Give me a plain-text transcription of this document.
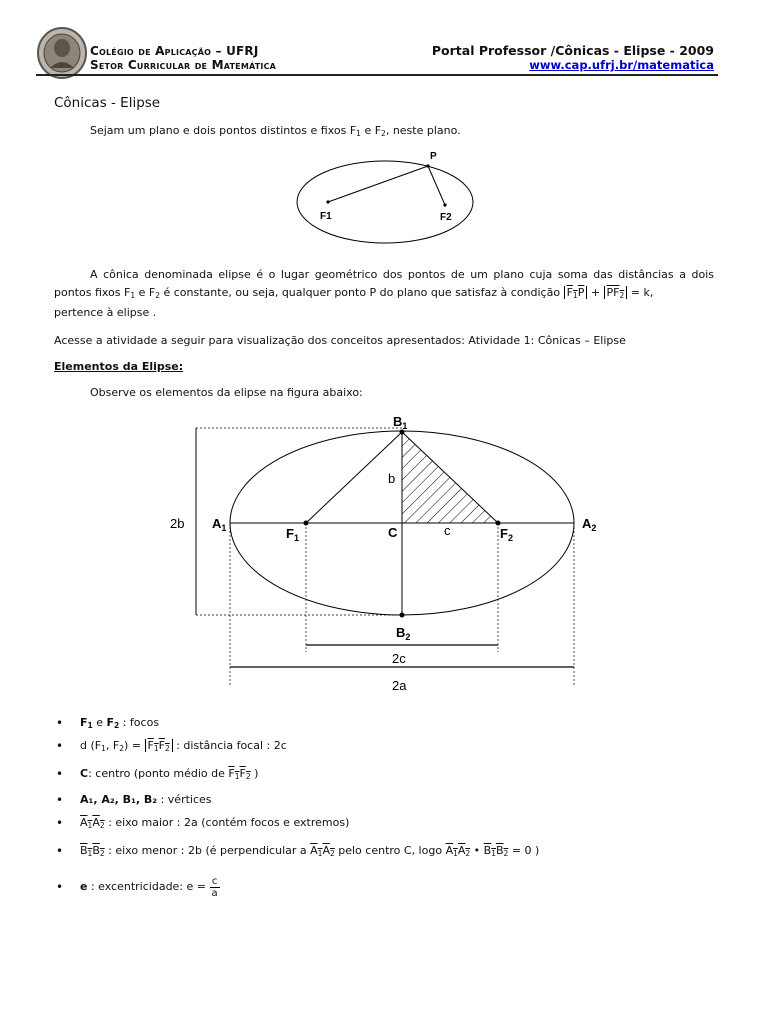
Colégio de Aplicação – UFRJ
Setor Curricular de Matemática
Portal Professor /Cônicas - Elipse - 2009
www.cap.ufrj.br/matematica
Cônicas - Elipse
Sejam um plano e dois pontos distintos e fixos $F_1$ e $F_2$, neste plano.
P
F1	F2
A cônica denominada elipse é o lugar geométrico dos pontos de um plano cuja soma das distâncias a dois pontos fixos $F_1$ e $F_2$ é constante, ou seja, qualquer ponto P do plano que satisfaz à condição $F_1P + PF_2 = k$,
pertence à elipse .
Acesse a atividade a seguir para visualização dos conceitos apresentados: Atividade 1: Cônicas – Elipse
Elementos da Elipse:
Observe os elementos da elipse na figura abaixo:
$B_1$
$B_2$
$A_1$	$A_2$
$F_1$	$F_2$
C
b
c
2b
2c
2a
• $F_1$ e $F_2$ : focos
• d ($F_1$, $F_2) = F_1F_2$ : distância focal : 2c
• C: centro (ponto médio de $F_1F_2$ )
• A₁, A₂, B₁, B₂ : vértices
• $A_1A_2$ : eixo maior : 2a (contém focos e extremos)
• $B_1B_2$ : eixo menor : 2b (é perpendicular a $A_1A_2$ pelo centro C, logo $A_1A_2$ • $B_1B_2 = 0$ )
• e : excentricidade: $e = \frac{c}{a}$
